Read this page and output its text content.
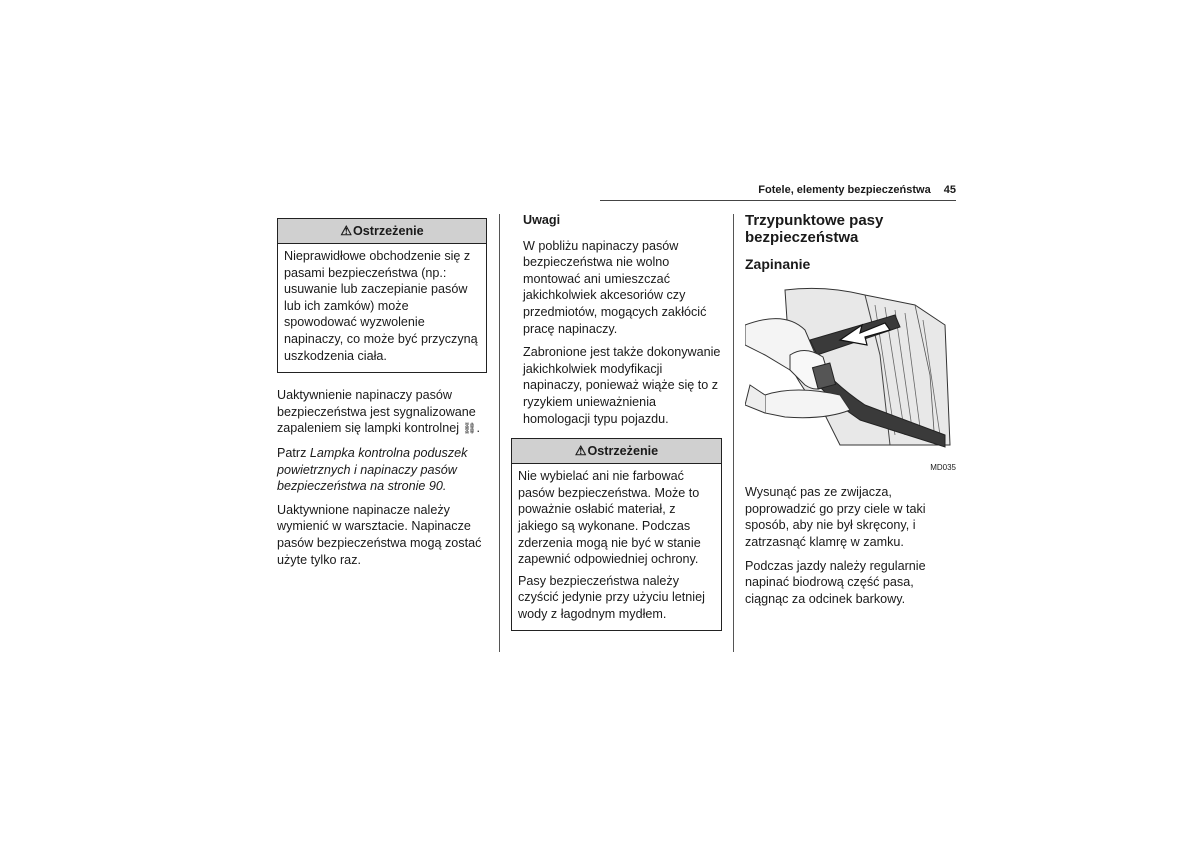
Fotele, elementy bezpieczeństwa 45
⚠Ostrzeżenie

Nieprawidłowe obchodzenie się z pasami bezpieczeństwa (np.: usuwanie lub zaczepianie pasów lub ich zamków) może spowodować wyzwolenie napinaczy, co może być przyczyną uszkodzenia ciała.

Uaktywnienie napinaczy pasów bezpieczeństwa jest sygnalizowane zapaleniem się lampki kontrolnej ⛓.

Patrz Lampka kontrolna poduszek powietrznych i napinaczy pasów bezpieczeństwa na stronie 90.

Uaktywnione napinacze należy wymienić w warsztacie. Napinacze pasów bezpieczeństwa mogą zostać użyte tylko raz.

Uwagi

W pobliżu napinaczy pasów bezpieczeństwa nie wolno montować ani umieszczać jakichkolwiek akcesoriów czy przedmiotów, mogących zakłócić pracę napinaczy.

Zabronione jest także dokonywanie jakichkolwiek modyfikacji napinaczy, ponieważ wiąże się to z ryzykiem unieważnienia homologacji typu pojazdu.

⚠Ostrzeżenie

Nie wybielać ani nie farbować pasów bezpieczeństwa. Może to poważnie osłabić materiał, z jakiego są wykonane. Podczas zderzenia mogą nie być w stanie zapewnić odpowiedniej ochrony.

Pasy bezpieczeństwa należy czyścić jedynie przy użyciu letniej wody z łagodnym mydłem.

Trzypunktowe pasy bezpieczeństwa
Zapinanie
MD035

Wysunąć pas ze zwijacza, poprowadzić go przy ciele w taki sposób, aby nie był skręcony, i zatrzasnąć klamrę w zamku.

Podczas jazdy należy regularnie napinać biodrową część pasa, ciągnąc za odcinek barkowy.
